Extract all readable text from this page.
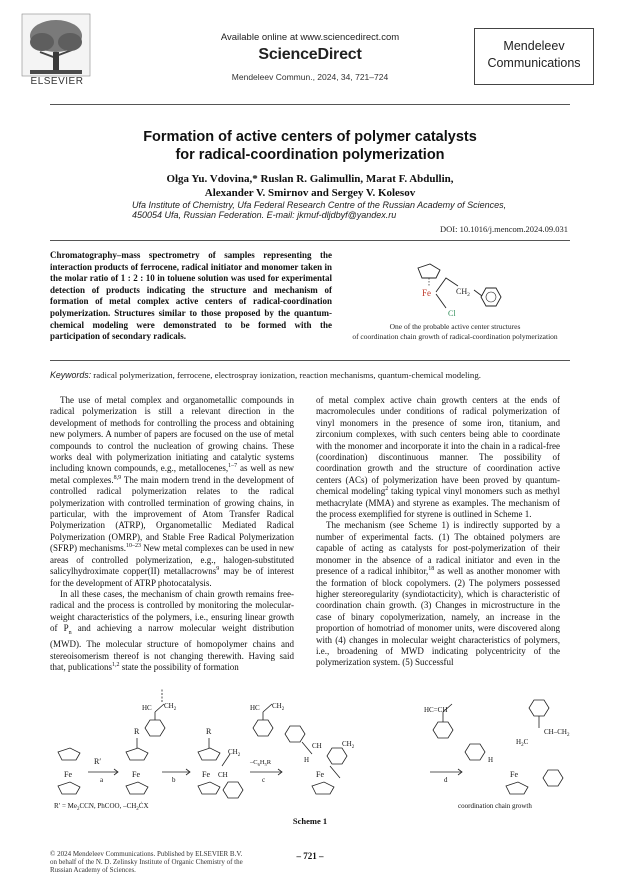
ELSEVIER
Available online at www.sciencedirect.com
ScienceDirect
Mendeleev Commun., 2024, 34, 721–724
Mendeleev
Communications
Formation of active centers of polymer catalysts
for radical-coordination polymerization
Olga Yu. Vdovina,* Ruslan R. Galimullin, Marat F. Abdullin,
Alexander V. Smirnov and Sergey V. Kolesov
Ufa Institute of Chemistry, Ufa Federal Research Centre of the Russian Academy of Sciences,
450054 Ufa, Russian Federation. E-mail: jkmuf-dljdbyf@yandex.ru
DOI: 10.1016/j.mencom.2024.09.031
Chromatography–mass spectrometry of samples representing the interaction products of ferrocene, radical initiator and monomer taken in the molar ratio of 1 : 2 : 10 in toluene solution was used for experimental detection of products indicating the structure and mechanism of formation of metal complex active centers of radical-coordination polymerization. Structures similar to those proposed by the quantum-chemical modeling were demonstrated to be formed with the participation of secondary radicals.
Fe
Cl
$CH_2$
One of the probable active center structures
of coordination chain growth of radical-coordination polymerization
Keywords: radical polymerization, ferrocene, electrospray ionization, reaction mechanisms, quantum-chemical modeling.

The use of metal complex and organometallic compounds in radical polymerization is still a relevant direction in the development of methods for controlling the process and obtaining new polymers. A number of papers are focused on the use of metal compounds to control the nucleation of growing chains. These works deal with polymerization initiating and catalytic systems including known compounds, e.g., metallocenes,$^{1-7}$ as well as new metal complexes.$^{8,9}$ The main modern trend in the development of controlled radical polymerization relates to the radical polymerization with controlled termination of growing chains, in particular, with the improvement of Atom Transfer Radical Polymerization (ATRP), Organometallic Mediated Radical Polymerization (OMRP), and Stable Free Radical Polymerization (SFRP) mechanisms.$^{10-23}$ New metal complexes can be used in new areas of controlled polymerization, e.g., halogen-substituted salicylhydroximate copper(II) metallacrowns$^9$ may be of interest for the development of ATRP photocatalysis.

In all these cases, the mechanism of chain growth remains free-radical and the process is controlled by monitoring the molecular-weight characteristics of the polymers, i.e., ensuring linear growth of $P_n$ and achieving a narrow molecular weight distribution (MWD). The molecular structure of homopolymer chains and stereoisomerism thereof is not changing therewith. Having said that, publications$^{1,2}$ state the possibility of formation

of metal complex active chain growth centers at the ends of macromolecules under conditions of radical polymerization of vinyl monomers in the presence of some iron, titanium, and zirconium complexes, with such centers being able to coordinate with the monomer and incorporate it into the chain in a radical-free (coordination) discontinuous manner. The possibility of coordination growth and the structure of coordination active centers (ACs) of polymerization have been proved by quantum-chemical modeling$^2$ taking typical vinyl monomers such as methyl methacrylate (MMA) and styrene as examples. The mechanism of the process exemplified for styrene is outlined in Scheme 1.

The mechanism (see Scheme 1) is indirectly supported by a number of experimental facts. (1) The obtained polymers are capable of acting as catalysts for post-polymerization of their monomer in the absence of a radical initiator and even in the presence of a radical inhibitor,$^{18}$ as well as another monomer with the formation of block copolymers. (2) The polymers possessed higher stereoregularity (syndiotacticity), which is characteristic of coordination chain growth. (3) Changes in microstructure in the case of binary copolymerization, namely, an increase in the proportion of homotriad of monomer units, were discovered along with (4) changes in molecular weight characteristics of polymers, i.e., broadening of MWD indicating polycentricity of the polymerization system. (5) Successful

Fe
R
R′
a
Fe
b
HC $CH_2$
R
$CH_2$
Fe CH
c
$-C_6H_5R$
HC $CH_2$
H
CH	$CH_2$
Fe
d
HC=CH
H
$H_2C$
$CH-CH_2$
Fe
$R' = Me_2CCN$, PhCOO, $-CH_2ĊX$	coordination chain growth
Scheme 1
© 2024 Mendeleev Communications. Published by ELSEVIER B.V.
on behalf of the N. D. Zelinsky Institute of Organic Chemistry of the
Russian Academy of Sciences.
– 721 –
